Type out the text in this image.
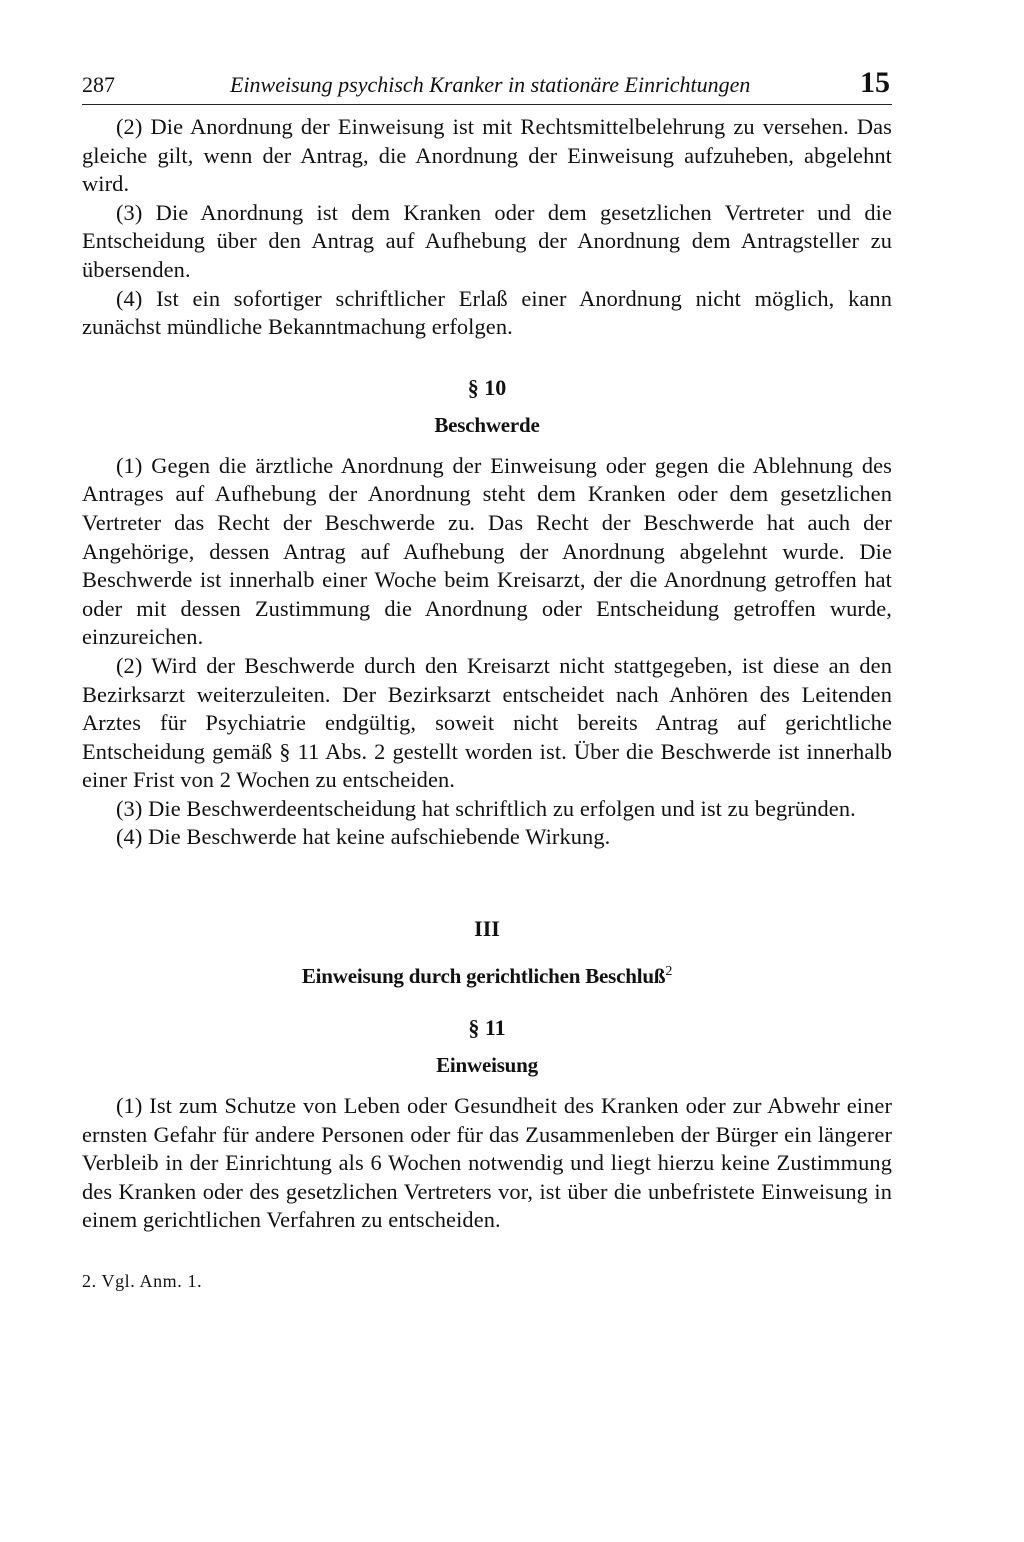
287	Einweisung psychisch Kranker in stationäre Einrichtungen	15

(2) Die Anordnung der Einweisung ist mit Rechtsmittelbelehrung zu versehen. Das gleiche gilt, wenn der Antrag, die Anordnung der Einweisung aufzuheben, abgelehnt wird.

(3) Die Anordnung ist dem Kranken oder dem gesetzlichen Vertreter und die Entscheidung über den Antrag auf Aufhebung der Anordnung dem Antragsteller zu übersenden.

(4) Ist ein sofortiger schriftlicher Erlaß einer Anordnung nicht möglich, kann zunächst mündliche Bekanntmachung erfolgen.

§ 10

Beschwerde

(1) Gegen die ärztliche Anordnung der Einweisung oder gegen die Ablehnung des Antrages auf Aufhebung der Anordnung steht dem Kranken oder dem gesetzlichen Vertreter das Recht der Beschwerde zu. Das Recht der Beschwerde hat auch der Angehörige, dessen Antrag auf Aufhebung der Anordnung abgelehnt wurde. Die Beschwerde ist innerhalb einer Woche beim Kreisarzt, der die Anordnung getroffen hat oder mit dessen Zustimmung die Anordnung oder Entscheidung getroffen wurde, einzureichen.

(2) Wird der Beschwerde durch den Kreisarzt nicht stattgegeben, ist diese an den Bezirksarzt weiterzuleiten. Der Bezirksarzt entscheidet nach Anhören des Leitenden Arztes für Psychiatrie endgültig, soweit nicht bereits Antrag auf gerichtliche Entscheidung gemäß § 11 Abs. 2 gestellt worden ist. Über die Beschwerde ist innerhalb einer Frist von 2 Wochen zu entscheiden.

(3) Die Beschwerdeentscheidung hat schriftlich zu erfolgen und ist zu begründen.

(4) Die Beschwerde hat keine aufschiebende Wirkung.

III

Einweisung durch gerichtlichen Beschluß$^2$

§ 11

Einweisung

(1) Ist zum Schutze von Leben oder Gesundheit des Kranken oder zur Abwehr einer ernsten Gefahr für andere Personen oder für das Zusammenleben der Bürger ein längerer Verbleib in der Einrichtung als 6 Wochen notwendig und liegt hierzu keine Zustimmung des Kranken oder des gesetzlichen Vertreters vor, ist über die unbefristete Einweisung in einem gerichtlichen Verfahren zu entscheiden.

2. Vgl. Anm. 1.
